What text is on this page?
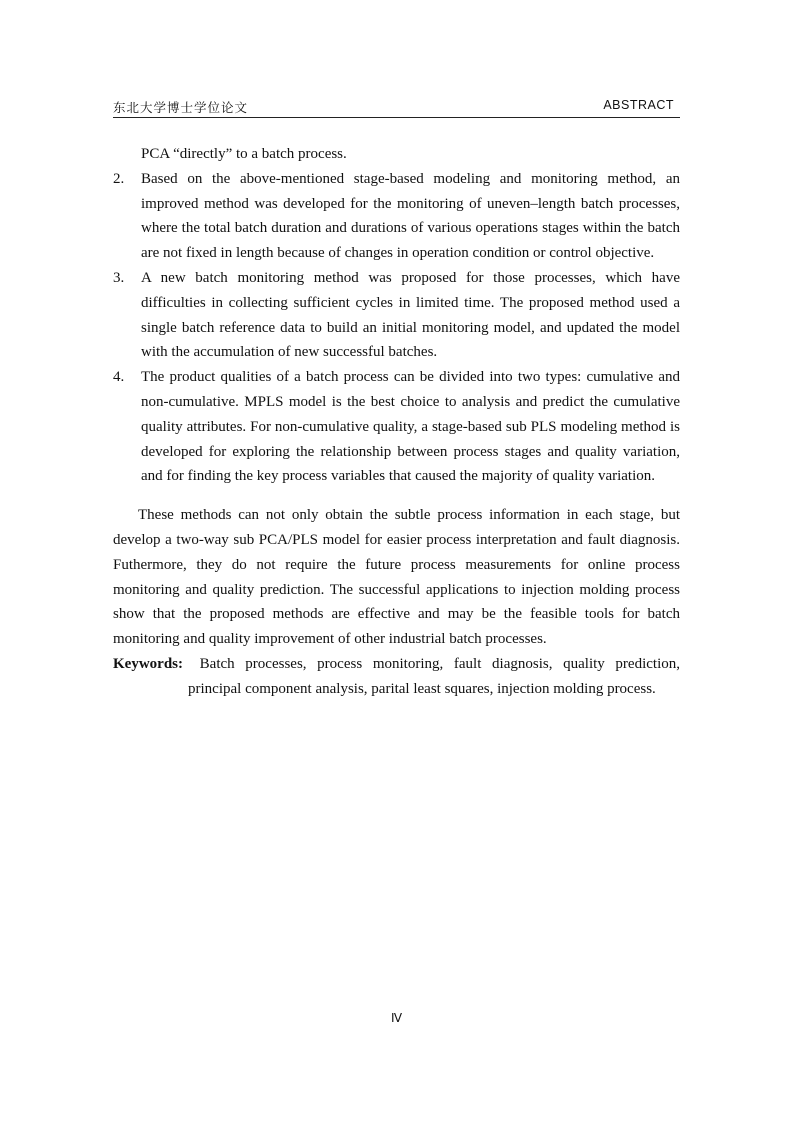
东北大学博士学位论文	ABSTRACT
PCA “directly” to a batch process.
2.	Based on the above-mentioned stage-based modeling and monitoring method, an improved method was developed for the monitoring of uneven–length batch processes, where the total batch duration and durations of various operations stages within the batch are not fixed in length because of changes in operation condition or control objective.
3.	A new batch monitoring method was proposed for those processes, which have difficulties in collecting sufficient cycles in limited time. The proposed method used a single batch reference data to build an initial monitoring model, and updated the model with the accumulation of new successful batches.
4.	The product qualities of a batch process can be divided into two types: cumulative and non-cumulative. MPLS model is the best choice to analysis and predict the cumulative quality attributes. For non-cumulative quality, a stage-based sub PLS modeling method is developed for exploring the relationship between process stages and quality variation, and for finding the key process variables that caused the majority of quality variation.
These methods can not only obtain the subtle process information in each stage, but develop a two-way sub PCA/PLS model for easier process interpretation and fault diagnosis. Futhermore, they do not require the future process measurements for online process monitoring and quality prediction. The successful applications to injection molding process show that the proposed methods are effective and may be the feasible tools for batch monitoring and quality improvement of other industrial batch processes.
Keywords: Batch processes, process monitoring, fault diagnosis, quality prediction, principal component analysis, parital least squares, injection molding process.
Ⅳ
